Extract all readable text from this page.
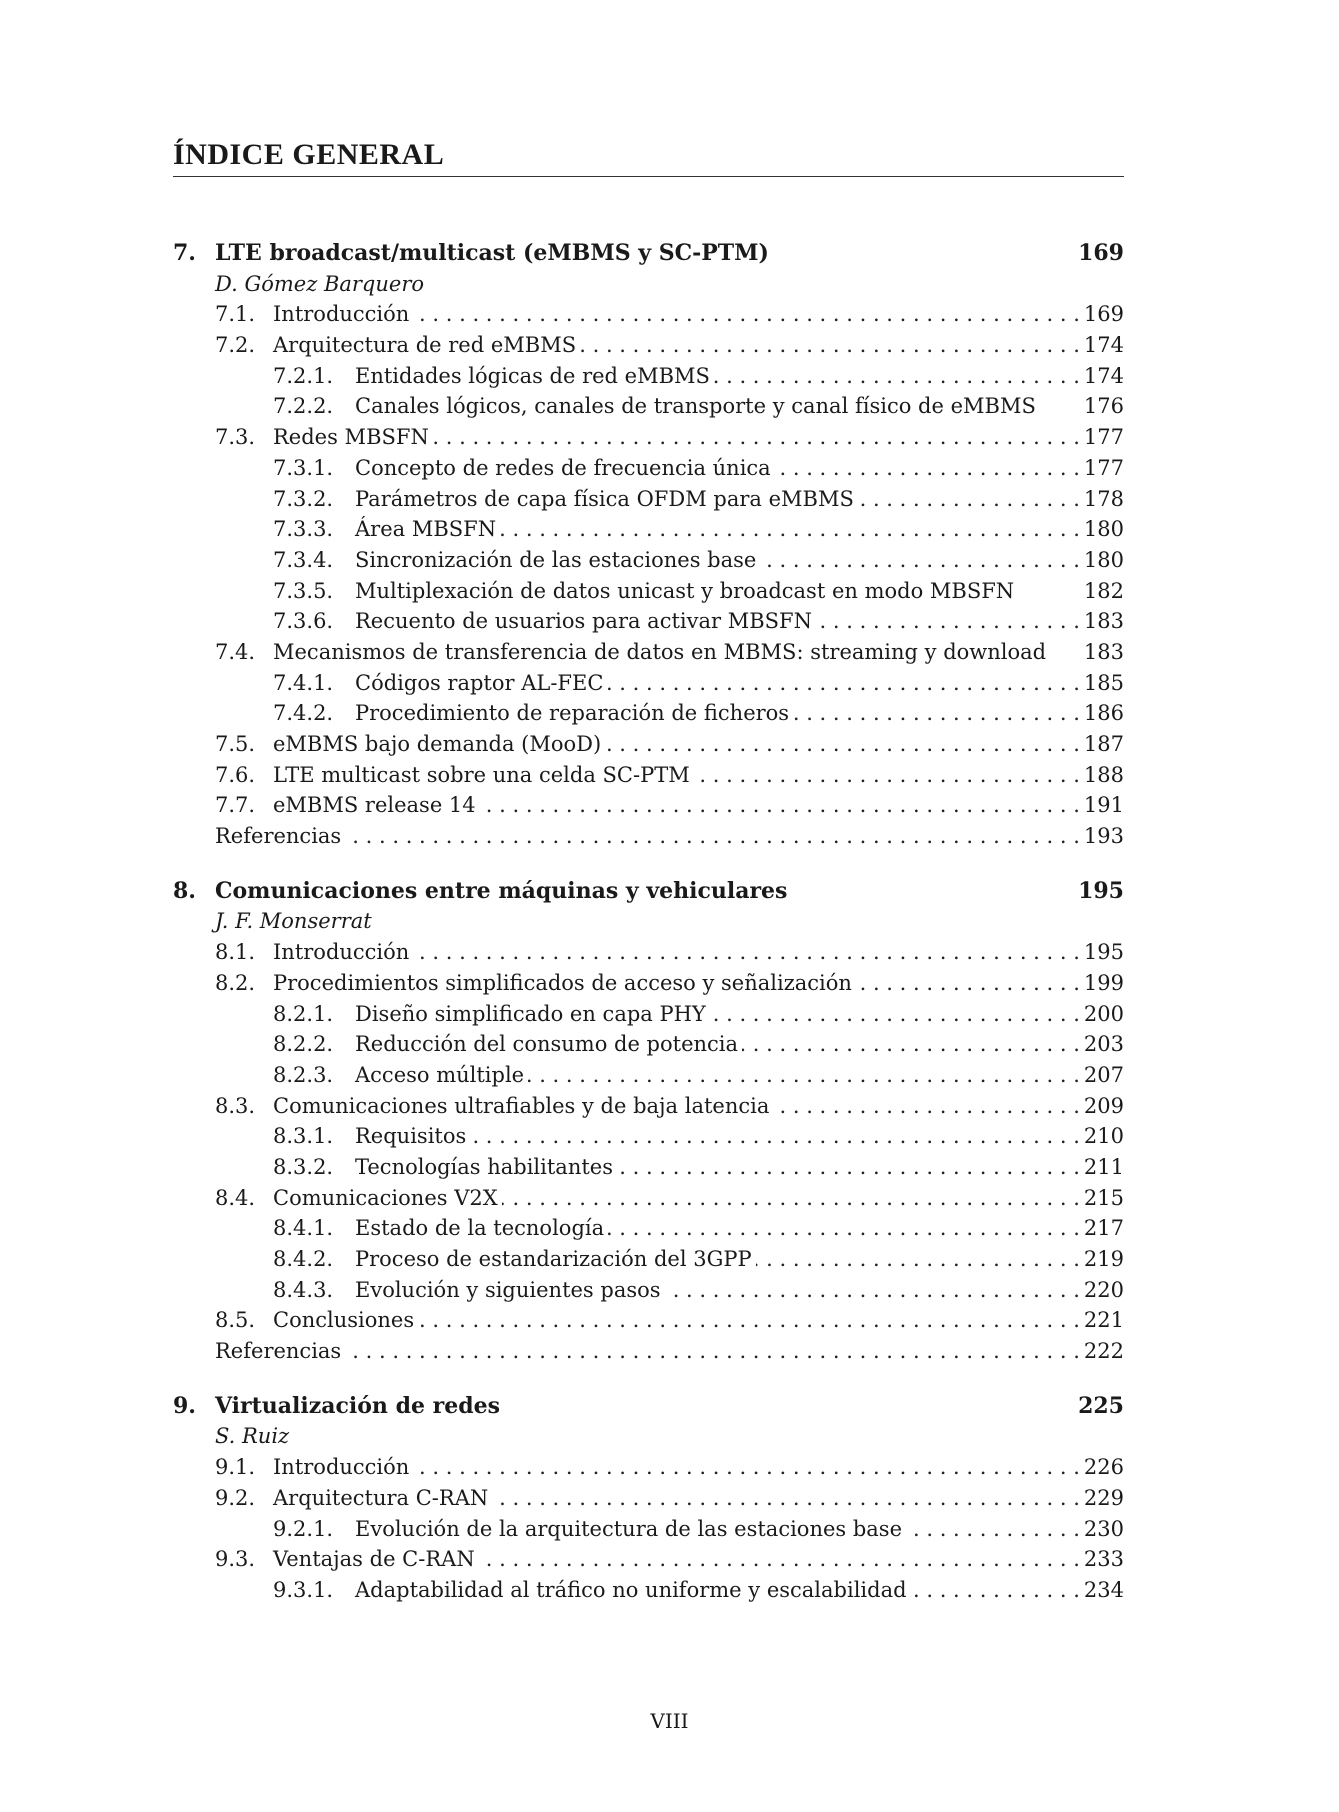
ÍNDICE GENERAL
7. LTE broadcast/multicast (eMBMS y SC-PTM)	169
D. Gómez Barquero
7.1. Introducción . . .	169
7.2. Arquitectura de red eMBMS . . .	174
7.2.1.	Entidades lógicas de red eMBMS . . .	174
7.2.2.	Canales lógicos, canales de transporte y canal físico de eMBMS 176
7.3. Redes MBSFN . . .	177
7.3.1.	Concepto de redes de frecuencia única . . .	177
7.3.2.	Parámetros de capa física OFDM para eMBMS . . .	178
7.3.3.	Área MBSFN . . .	180
7.3.4.	Sincronización de las estaciones base . . .	180
7.3.5.	Multiplexación de datos unicast y broadcast en modo MBSFN	182
7.3.6.	Recuento de usuarios para activar MBSFN . . .	183
7.4. Mecanismos de transferencia de datos en MBMS: streaming y download 183
7.4.1.	Códigos raptor AL-FEC . . .	185
7.4.2.	Procedimiento de reparación de ficheros . . .	186
7.5. eMBMS bajo demanda (MooD) . . .	187
7.6. LTE multicast sobre una celda SC-PTM . . .	188
7.7. eMBMS release 14 . . .	191
Referencias . . .	193
8. Comunicaciones entre máquinas y vehiculares	195
J. F. Monserrat
8.1. Introducción . . .	195
8.2. Procedimientos simplificados de acceso y señalización . . .	199
8.2.1.	Diseño simplificado en capa PHY . . .	200
8.2.2.	Reducción del consumo de potencia . . .	203
8.2.3.	Acceso múltiple . . .	207
8.3. Comunicaciones ultrafiables y de baja latencia . . .	209
8.3.1.	Requisitos . . .	210
8.3.2.	Tecnologías habilitantes . . .	211
8.4. Comunicaciones V2X . . .	215
8.4.1.	Estado de la tecnología . . .	217
8.4.2.	Proceso de estandarización del 3GPP . . .	219
8.4.3.	Evolución y siguientes pasos . . .	220
8.5. Conclusiones . . .	221
Referencias . . .	222
9. Virtualización de redes	225
S. Ruiz
9.1. Introducción . . .	226
9.2. Arquitectura C-RAN . . .	229
9.2.1.	Evolución de la arquitectura de las estaciones base . . .	230
9.3. Ventajas de C-RAN . . .	233
9.3.1.	Adaptabilidad al tráfico no uniforme y escalabilidad . . .	234
VIII
